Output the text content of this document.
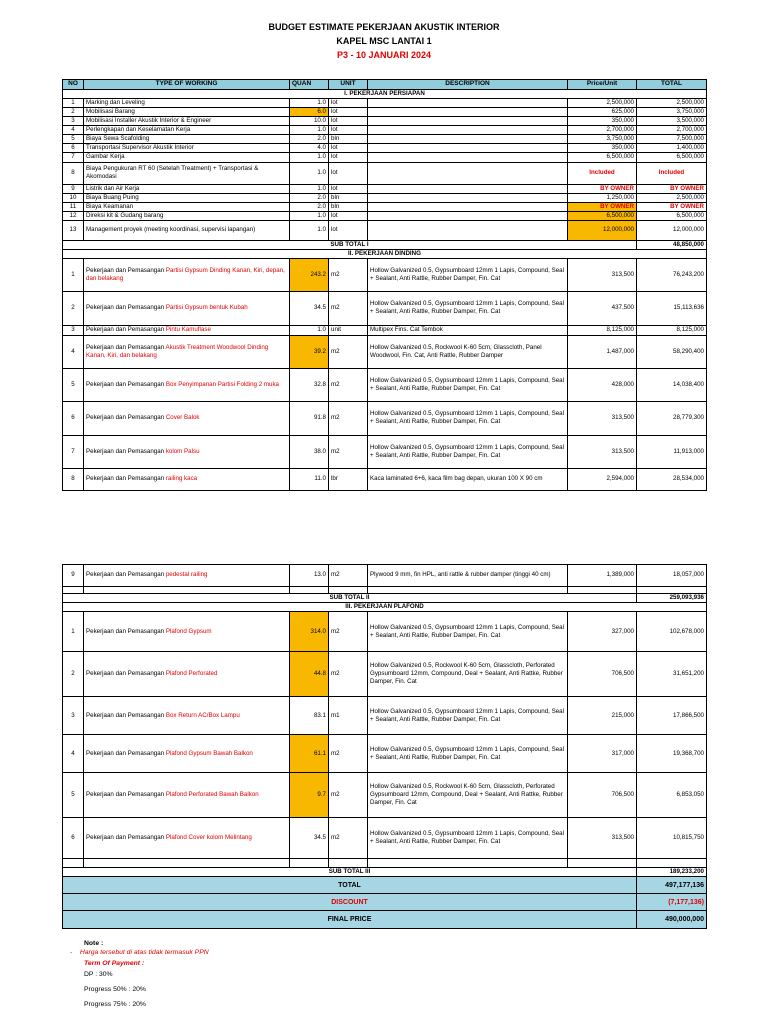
BUDGET ESTIMATE PEKERJAAN AKUSTIK INTERIOR
KAPEL MSC LANTAI 1
P3 - 10 JANUARI 2024
NO	TYPE OF WORKING	QUAN	UNIT	DESCRIPTION	Price/Unit	TOTAL
I. PEKERJAAN PERSIAPAN						
1	Marking dan Leveling	1.0	lot		2,500,000	2,500,000
2	Mobilisasi Barang	6.0	lot		625,000	3,750,000
3	Mobilisasi Installer Akustik Interior & Engineer	10.0	lot		350,000	3,500,000
4	Perlengkapan dan Keselamatan Kerja	1.0	lot		2,700,000	2,700,000
5	Biaya Sewa Scafolding	2.0	bln		3,750,000	7,500,000
6	Transportasi Supervisor Akustik Interior	4.0	lot		350,000	1,400,000
7	Gambar Kerja	1.0	lot		6,500,000	6,500,000
8	Biaya Pengukuran RT 60 (Setelah Treatment) + Transportasi & Akomodasi	1.0	lot		Included	Included
9	Listrik dan Air Kerja	1.0	lot		BY OWNER	BY OWNER
10	Biaya Buang Puing	2.0	bln		1,250,000	2,500,000
11	Biaya Keamanan	2.0	bln		BY OWNER	BY OWNER
12	Direksi kit & Gudang barang	1.0	lot		6,500,000	6,500,000
13	Management proyek (meeting koordinasi, supervisi lapangan)	1.0	lot		12,000,000	12,000,000
SUB TOTAL I						48,850,000
II. PEKERJAAN DINDING						
1	Pekerjaan dan Pemasangan Partisi Gypsum Dinding Kanan, Kiri, depan, dan belakang	243.2	m2	Hollow Galvanized 0.5, Gypsumboard 12mm 1 Lapis, Compound, Seal + Sealant, Anti Rattle, Rubber Damper, Fin. Cat	313,500	76,243,200
2	Pekerjaan dan Pemasangan Partisi Gypsum bentuk Kubah	34.5	m2	Hollow Galvanized 0.5, Gypsumboard 12mm 1 Lapis, Compound, Seal + Sealant, Anti Rattle, Rubber Damper, Fin. Cat	437,500	15,113,636
3	Pekerjaan dan Pemasangan Pintu Kamuflase	1.0	unit	Multipex Fins. Cat Tembok	8,125,000	8,125,000
4	Pekerjaan dan Pemasangan Akustik Treatment Woodwool Dinding Kanan, Kiri, dan belakang	39.2	m2	Hollow Galvanized 0.5, Rockwool K-60 5cm, Glasscloth, Panel Woodwool, Fin. Cat, Anti Rattle, Rubber Damper	1,487,000	58,290,400
5	Pekerjaan dan Pemasangan Box Penyimpanan Partisi Folding 2 muka	32.8	m2	Hollow Galvanized 0.5, Gypsumboard 12mm 1 Lapis, Compound, Seal + Sealant, Anti Rattle, Rubber Damper, Fin. Cat	428,000	14,038,400
6	Pekerjaan dan Pemasangan Cover Balok	91.8	m2	Hollow Galvanized 0.5, Gypsumboard 12mm 1 Lapis, Compound, Seal + Sealant, Anti Rattle, Rubber Damper, Fin. Cat	313,500	28,779,300
7	Pekerjaan dan Pemasangan kolom Palsu	38.0	m2	Hollow Galvanized 0.5, Gypsumboard 12mm 1 Lapis, Compound, Seal + Sealant, Anti Rattle, Rubber Damper, Fin. Cat	313,500	11,913,000
8	Pekerjaan dan Pemasangan railing kaca	11.0	lbr	Kaca laminated 6+6, kaca film bag depan, ukuran 100 X 90 cm	2,594,000	28,534,000
9	Pekerjaan dan Pemasangan pedestal railing	13.0	m2	Plywood 9 mm, fin HPL, anti rattle & rubber damper (tinggi 40 cm)	1,389,000	18,057,000

SUB TOTAL II						259,093,936
III. PEKERJAAN PLAFOND						
1	Pekerjaan dan Pemasangan Plafond Gypsum	314.0	m2	Hollow Galvanized 0.5, Gypsumboard 12mm 1 Lapis, Compound, Seal + Sealant, Anti Rattle, Rubber Damper, Fin. Cat	327,000	102,678,000
2	Pekerjaan dan Pemasangan Plafond Perforated	44.8	m2	Hollow Galvanized 0.5, Rockwool K-60 5cm, Glasscloth, Perforated Gypsumboard 12mm, Compound, Deal + Sealant, Anti Rattke, Rubber Damper, Fin. Cat	706,500	31,651,200
3	Pekerjaan dan Pemasangan Box Return AC/Box Lampu	83.1	m1	Hollow Galvanized 0.5, Gypsumboard 12mm 1 Lapis, Compound, Seal + Sealant, Anti Rattle, Rubber Damper, Fin. Cat	215,000	17,866,500
4	Pekerjaan dan Pemasangan Plafond Gypsum Bawah Balkon	61.1	m2	Hollow Galvanized 0.5, Gypsumboard 12mm 1 Lapis, Compound, Seal + Sealant, Anti Rattle, Rubber Damper, Fin. Cat	317,000	19,368,700
5	Pekerjaan dan Pemasangan Plafond Perforated Bawah Balkon	9.7	m2	Hollow Galvanized 0.5, Rockwool K-60 5cm, Glasscloth, Perforated Gypsumboard 12mm, Compound, Deal + Sealant, Anti Rattke, Rubber Damper, Fin. Cat	706,500	6,853,050
6	Pekerjaan dan Pemasangan Plafond Cover kolom Melintang	34.5	m2	Hollow Galvanized 0.5, Gypsumboard 12mm 1 Lapis, Compound, Seal + Sealant, Anti Rattle, Rubber Damper, Fin. Cat	313,500	10,815,750

SUB TOTAL III						189,233,200
TOTAL						497,177,136
DISCOUNT						(7,177,136)
FINAL PRICE						490,000,000
Note :
- Harga tersebut di atas tidak termasuk PPN
Term Of Payment :
DP : 30%
Progress 50% : 20%
Progress 75% : 20%
